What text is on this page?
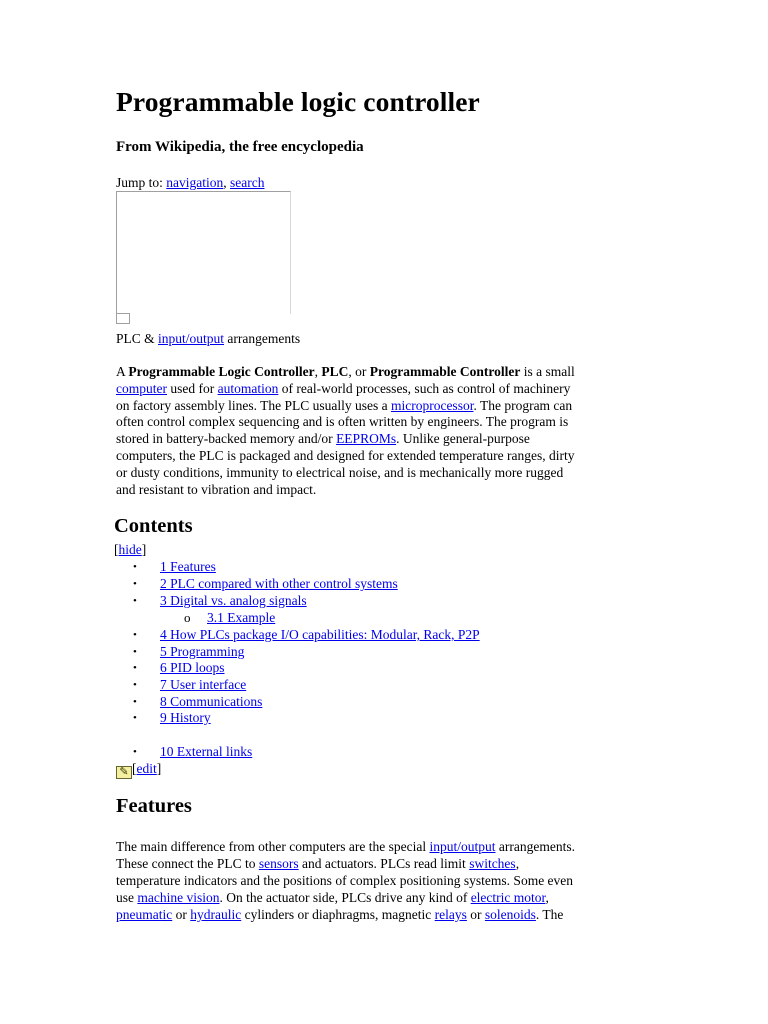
Programmable logic controller

From Wikipedia, the free encyclopedia

Jump to: navigation, search
PLC & input/output arrangements
A Programmable Logic Controller, PLC, or Programmable Controller is a small
computer used for automation of real-world processes, such as control of machinery
on factory assembly lines. The PLC usually uses a microprocessor. The program can
often control complex sequencing and is often written by engineers. The program is
stored in battery-backed memory and/or EEPROMs. Unlike general-purpose
computers, the PLC is packaged and designed for extended temperature ranges, dirty
or dusty conditions, immunity to electrical noise, and is mechanically more rugged
and resistant to vibration and impact.
Contents
[hide]
• 1 Features
• 2 PLC compared with other control systems
• 3 Digital vs. analog signals
o 3.1 Example
• 4 How PLCs package I/O capabilities: Modular, Rack, P2P
• 5 Programming
• 6 PID loops
• 7 User interface
• 8 Communications
• 9 History
• 10 External links
✎ [edit]
Features
The main difference from other computers are the special input/output arrangements.
These connect the PLC to sensors and actuators. PLCs read limit switches,
temperature indicators and the positions of complex positioning systems. Some even
use machine vision. On the actuator side, PLCs drive any kind of electric motor,
pneumatic or hydraulic cylinders or diaphragms, magnetic relays or solenoids. The
